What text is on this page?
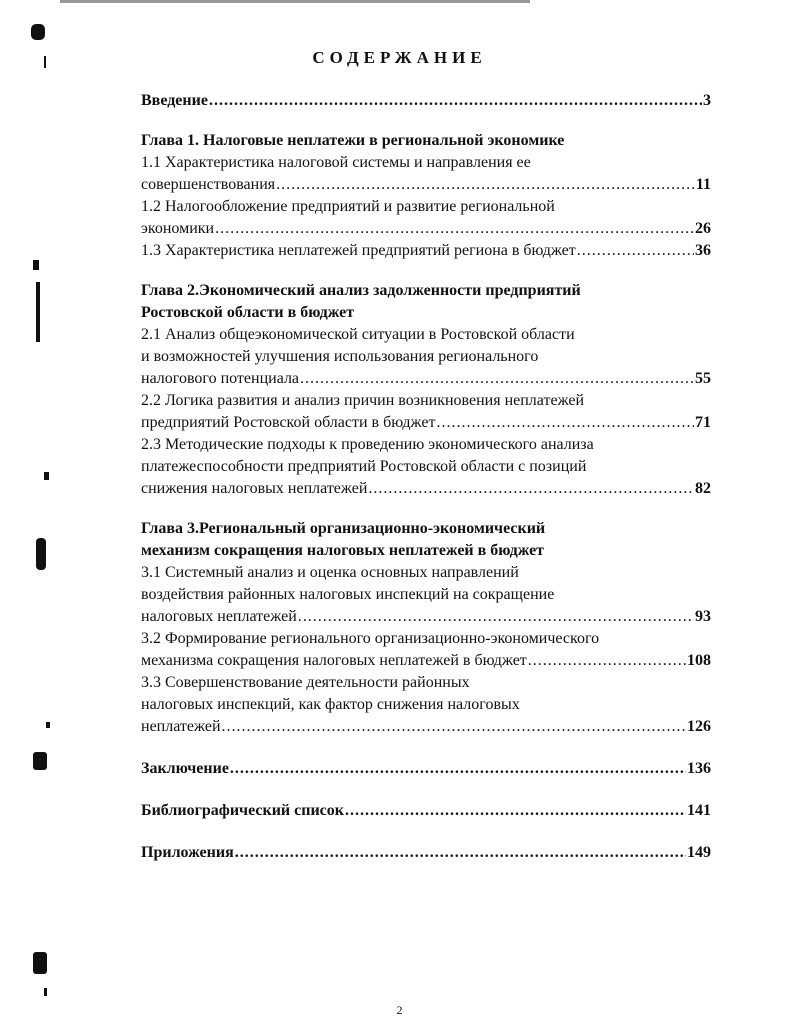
СОДЕРЖАНИЕ
Введение .....	3
Глава 1. Налоговые неплатежи в региональной экономике
1.1 Характеристика налоговой системы и направления ее
совершенствования .....	11
1.2 Налогообложение предприятий и развитие региональной
экономики .....	26
1.3 Характеристика неплатежей предприятий региона в бюджет .....	36
Глава 2.Экономический анализ задолженности предприятий
Ростовской области в бюджет
2.1 Анализ общеэкономической ситуации в Ростовской области
и возможностей улучшения использования регионального
налогового потенциала .....	55
2.2 Логика развития и анализ причин возникновения неплатежей
предприятий Ростовской области в бюджет .....	71
2.3 Методические подходы к проведению экономического анализа
платежеспособности предприятий Ростовской области с позиций
снижения налоговых неплатежей .....	82
Глава 3.Региональный организационно-экономический
механизм сокращения налоговых неплатежей в бюджет
3.1 Системный анализ и оценка основных направлений
воздействия районных налоговых инспекций на сокращение
налоговых неплатежей .....	93
3.2 Формирование регионального организационно-экономического
механизма сокращения налоговых неплатежей в бюджет .....	108
3.3 Совершенствование деятельности районных
налоговых инспекций, как фактор снижения налоговых
неплатежей .....	126
Заключение .....	136
Библиографический список .....	141
Приложения .....	149
2
